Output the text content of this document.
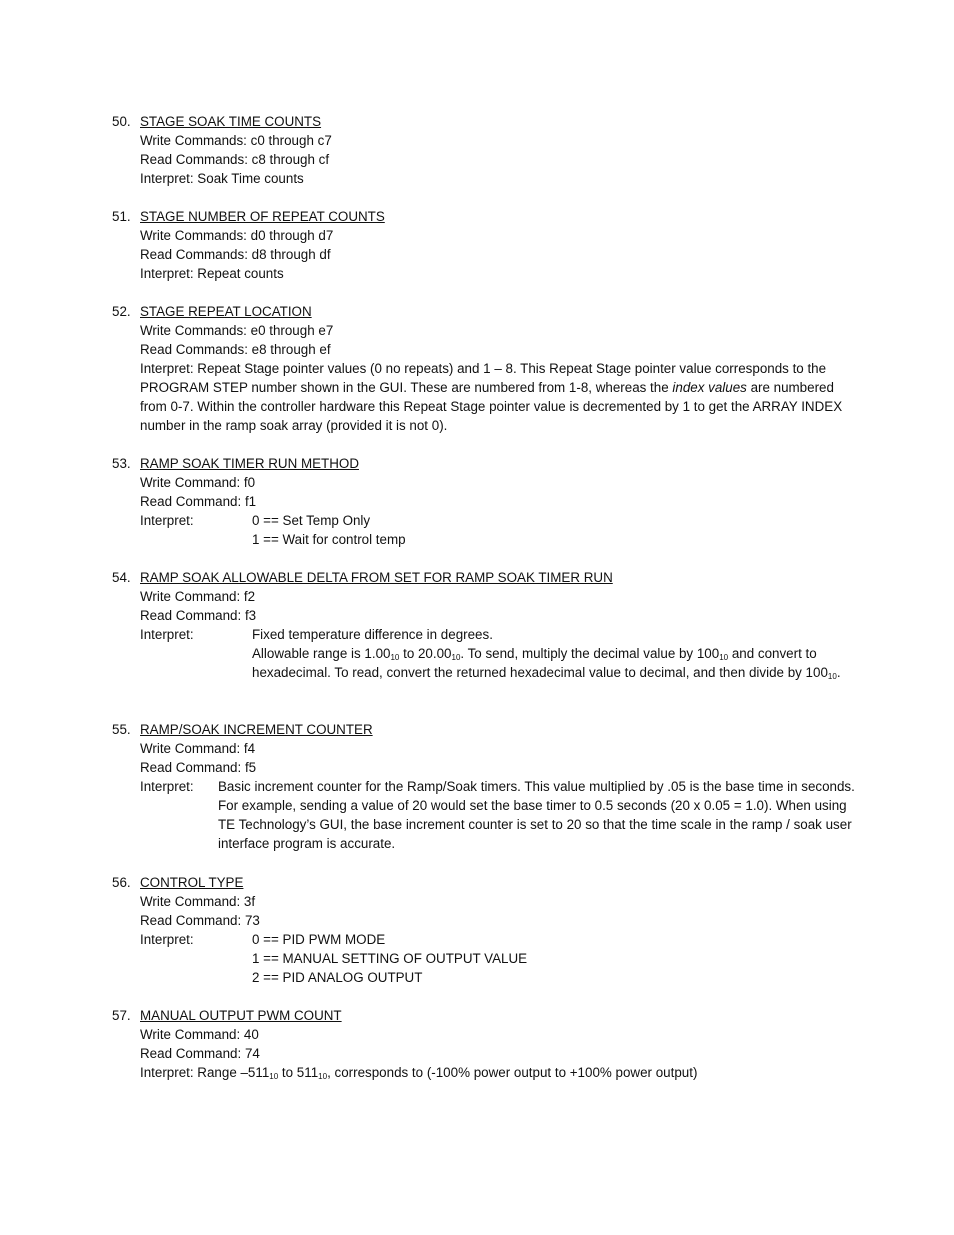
50. STAGE SOAK TIME COUNTS
Write Commands: c0 through c7
Read Commands: c8 through cf
Interpret: Soak Time counts
51. STAGE NUMBER OF REPEAT COUNTS
Write Commands: d0 through d7
Read Commands: d8 through df
Interpret: Repeat counts
52. STAGE REPEAT LOCATION
Write Commands: e0 through e7
Read Commands: e8 through ef
Interpret: Repeat Stage pointer values (0 no repeats) and 1 – 8. This Repeat Stage pointer value corresponds to the PROGRAM STEP number shown in the GUI. These are numbered from 1-8, whereas the index values are numbered from 0-7. Within the controller hardware this Repeat Stage pointer value is decremented by 1 to get the ARRAY INDEX number in the ramp soak array (provided it is not 0).
53. RAMP SOAK TIMER RUN METHOD
Write Command: f0
Read Command: f1
Interpret:	0 == Set Temp Only
1 == Wait for control temp
54. RAMP SOAK ALLOWABLE DELTA FROM SET FOR RAMP SOAK TIMER RUN
Write Command: f2
Read Command: f3
Interpret:	Fixed temperature difference in degrees.
Allowable range is $1.00_{10}$ to $20.00_{10}$. To send, multiply the decimal value by $100_{10}$ and convert to hexadecimal. To read, convert the returned hexadecimal value to decimal, and then divide by $100_{10}$.
55. RAMP/SOAK INCREMENT COUNTER
Write Command: f4
Read Command: f5
Interpret:	Basic increment counter for the Ramp/Soak timers. This value multiplied by .05 is the base time in seconds. For example, sending a value of 20 would set the base timer to 0.5 seconds (20 x 0.05 = 1.0). When using TE Technology’s GUI, the base increment counter is set to 20 so that the time scale in the ramp / soak user interface program is accurate.
56. CONTROL TYPE
Write Command: 3f
Read Command: 73
Interpret:	0 == PID PWM MODE
1 == MANUAL SETTING OF OUTPUT VALUE
2 == PID ANALOG OUTPUT
57. MANUAL OUTPUT PWM COUNT
Write Command: 40
Read Command: 74
Interpret: Range $-511_{10}$ to $511_{10}$, corresponds to (-100% power output to +100% power output)
